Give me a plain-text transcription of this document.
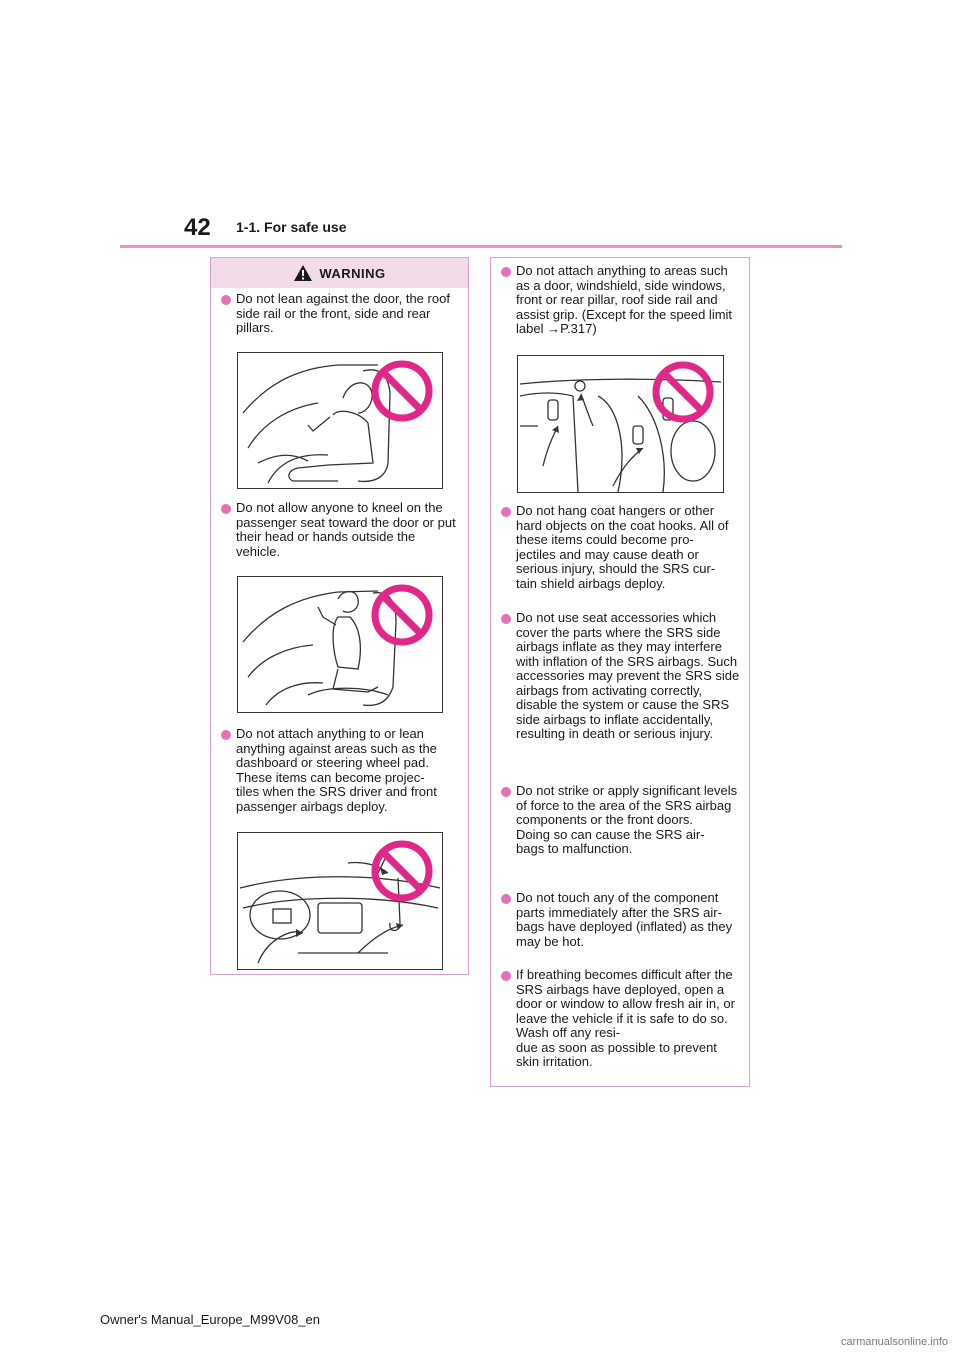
42 1-1. For safe use
WARNING
Do not lean against the door, the roof side rail or the front, side and rear pillars.
Do not allow anyone to kneel on the passenger seat toward the door or put their head or hands outside the vehicle.
Do not attach anything to or lean anything against areas such as the dashboard or steering wheel pad. These items can become projec-
tiles when the SRS driver and front passenger airbags deploy.
Do not attach anything to areas such as a door, windshield, side windows, front or rear pillar, roof side rail and assist grip. (Except for the speed limit label →P.317)
Do not hang coat hangers or other hard objects on the coat hooks. All of these items could become pro-
jectiles and may cause death or serious injury, should the SRS cur-
tain shield airbags deploy.
Do not use seat accessories which cover the parts where the SRS side airbags inflate as they may interfere with inflation of the SRS airbags. Such accessories may prevent the SRS side airbags from activating correctly, disable the system or cause the SRS side airbags to inflate accidentally, resulting in death or serious injury.
Do not strike or apply significant levels of force to the area of the SRS airbag components or the front doors.
Doing so can cause the SRS air-
bags to malfunction.
Do not touch any of the component parts immediately after the SRS air-
bags have deployed (inflated) as they may be hot.
If breathing becomes difficult after the SRS airbags have deployed, open a door or window to allow fresh air in, or leave the vehicle if it is safe to do so. Wash off any resi-
due as soon as possible to prevent skin irritation.
Owner's Manual_Europe_M99V08_en
carmanualsonline.info
